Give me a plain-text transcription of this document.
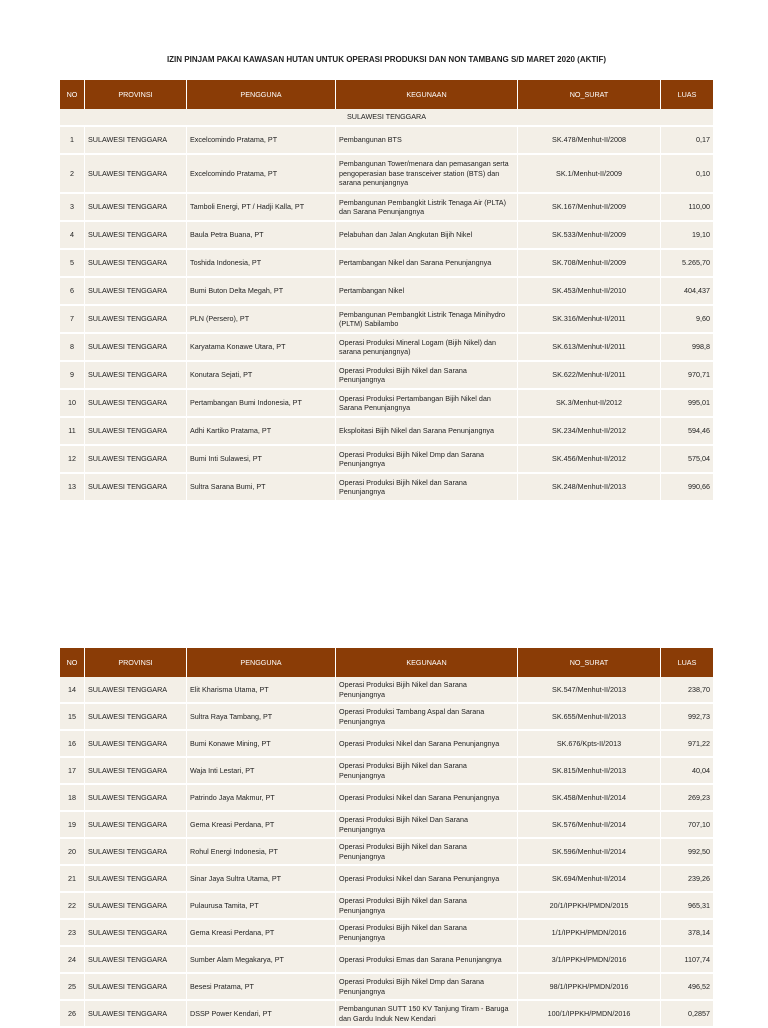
IZIN PINJAM PAKAI KAWASAN HUTAN UNTUK OPERASI PRODUKSI DAN NON TAMBANG S/D MARET 2020 (AKTIF)
NO	PROVINSI	PENGGUNA	KEGUNAAN	NO_SURAT	LUAS
SULAWESI TENGGARA					
1	SULAWESI TENGGARA	Excelcomindo Pratama, PT	Pembangunan BTS	SK.478/Menhut-II/2008	0,17
2	SULAWESI TENGGARA	Excelcomindo Pratama, PT	Pembangunan Tower/menara dan pemasangan serta pengoperasian base transceiver station (BTS) dan sarana penunjangnya	SK.1/Menhut-II/2009	0,10
3	SULAWESI TENGGARA	Tamboli Energi, PT / Hadji Kalla, PT	Pembangunan Pembangkit Listrik Tenaga Air (PLTA) dan Sarana Penunjangnya	SK.167/Menhut-II/2009	110,00
4	SULAWESI TENGGARA	Baula Petra Buana, PT	Pelabuhan dan Jalan Angkutan Bijih Nikel	SK.533/Menhut-II/2009	19,10
5	SULAWESI TENGGARA	Toshida Indonesia, PT	Pertambangan Nikel dan Sarana Penunjangnya	SK.708/Menhut-II/2009	5.265,70
6	SULAWESI TENGGARA	Bumi Buton Delta Megah, PT	Pertambangan Nikel	SK.453/Menhut-II/2010	404,437
7	SULAWESI TENGGARA	PLN (Persero), PT	Pembangunan Pembangkit Listrik Tenaga Minihydro (PLTM) Sabilambo	SK.316/Menhut-II/2011	9,60
8	SULAWESI TENGGARA	Karyatama Konawe Utara, PT	Operasi Produksi Mineral Logam (Bijih Nikel) dan sarana penunjangnya)	SK.613/Menhut-II/2011	998,8
9	SULAWESI TENGGARA	Konutara Sejati, PT	Operasi Produksi Bijih Nikel dan Sarana Penunjangnya	SK.622/Menhut-II/2011	970,71
10	SULAWESI TENGGARA	Pertambangan Bumi Indonesia, PT	Operasi Produksi Pertambangan Bijih Nikel dan Sarana Penunjangnya	SK.3/Menhut-II/2012	995,01
11	SULAWESI TENGGARA	Adhi Kartiko Pratama, PT	Eksploitasi Bijih Nikel dan Sarana Penunjangnya	SK.234/Menhut-II/2012	594,46
12	SULAWESI TENGGARA	Bumi Inti Sulawesi, PT	Operasi Produksi Bijih Nikel Dmp dan Sarana Penunjangnya	SK.456/Menhut-II/2012	575,04
13	SULAWESI TENGGARA	Sultra Sarana Bumi, PT	Operasi Produksi Bijih Nikel dan Sarana Penunjangnya	SK.248/Menhut-II/2013	990,66
NO	PROVINSI	PENGGUNA	KEGUNAAN	NO_SURAT	LUAS
14	SULAWESI TENGGARA	Elit Kharisma Utama, PT	Operasi Produksi Bijih Nikel dan Sarana Penunjangnya	SK.547/Menhut-II/2013	238,70
15	SULAWESI TENGGARA	Sultra Raya Tambang, PT	Operasi Produksi Tambang Aspal dan Sarana Penunjangnya	SK.655/Menhut-II/2013	992,73
16	SULAWESI TENGGARA	Bumi Konawe Mining, PT	Operasi Produksi Nikel dan Sarana Penunjangnya	SK.676/Kpts-II/2013	971,22
17	SULAWESI TENGGARA	Waja Inti Lestari, PT	Operasi Produksi Bijih Nikel dan Sarana Penunjangnya	SK.815/Menhut-II/2013	40,04
18	SULAWESI TENGGARA	Patrindo Jaya Makmur, PT	Operasi Produksi Nikel dan Sarana Penunjangnya	SK.458/Menhut-II/2014	269,23
19	SULAWESI TENGGARA	Gema Kreasi Perdana, PT	Operasi Produksi Bijih Nikel Dan Sarana Penunjangnya	SK.576/Menhut-II/2014	707,10
20	SULAWESI TENGGARA	Rohul Energi Indonesia, PT	Operasi Produksi Bijih Nikel dan Sarana Penunjangnya	SK.596/Menhut-II/2014	992,50
21	SULAWESI TENGGARA	Sinar Jaya Sultra Utama, PT	Operasi Produksi Nikel dan Sarana Penunjangnya	SK.694/Menhut-II/2014	239,26
22	SULAWESI TENGGARA	Pulaurusa Tamita, PT	Operasi Produksi Bijih Nikel dan Sarana Penunjangnya	20/1/IPPKH/PMDN/2015	965,31
23	SULAWESI TENGGARA	Gema Kreasi Perdana, PT	Operasi Produksi Bijih Nikel dan Sarana Penunjangnya	1/1/IPPKH/PMDN/2016	378,14
24	SULAWESI TENGGARA	Sumber Alam Megakarya, PT	Operasi Produksi Emas dan Sarana Penunjangnya	3/1/IPPKH/PMDN/2016	1107,74
25	SULAWESI TENGGARA	Besesi Pratama, PT	Operasi Produksi Bijih Nikel Dmp dan Sarana Penunjangnya	98/1/IPPKH/PMDN/2016	496,52
26	SULAWESI TENGGARA	DSSP Power Kendari, PT	Pembangunan SUTT 150 KV Tanjung Tiram - Baruga dan Gardu Induk New Kendari	100/1/IPPKH/PMDN/2016	0,2857
